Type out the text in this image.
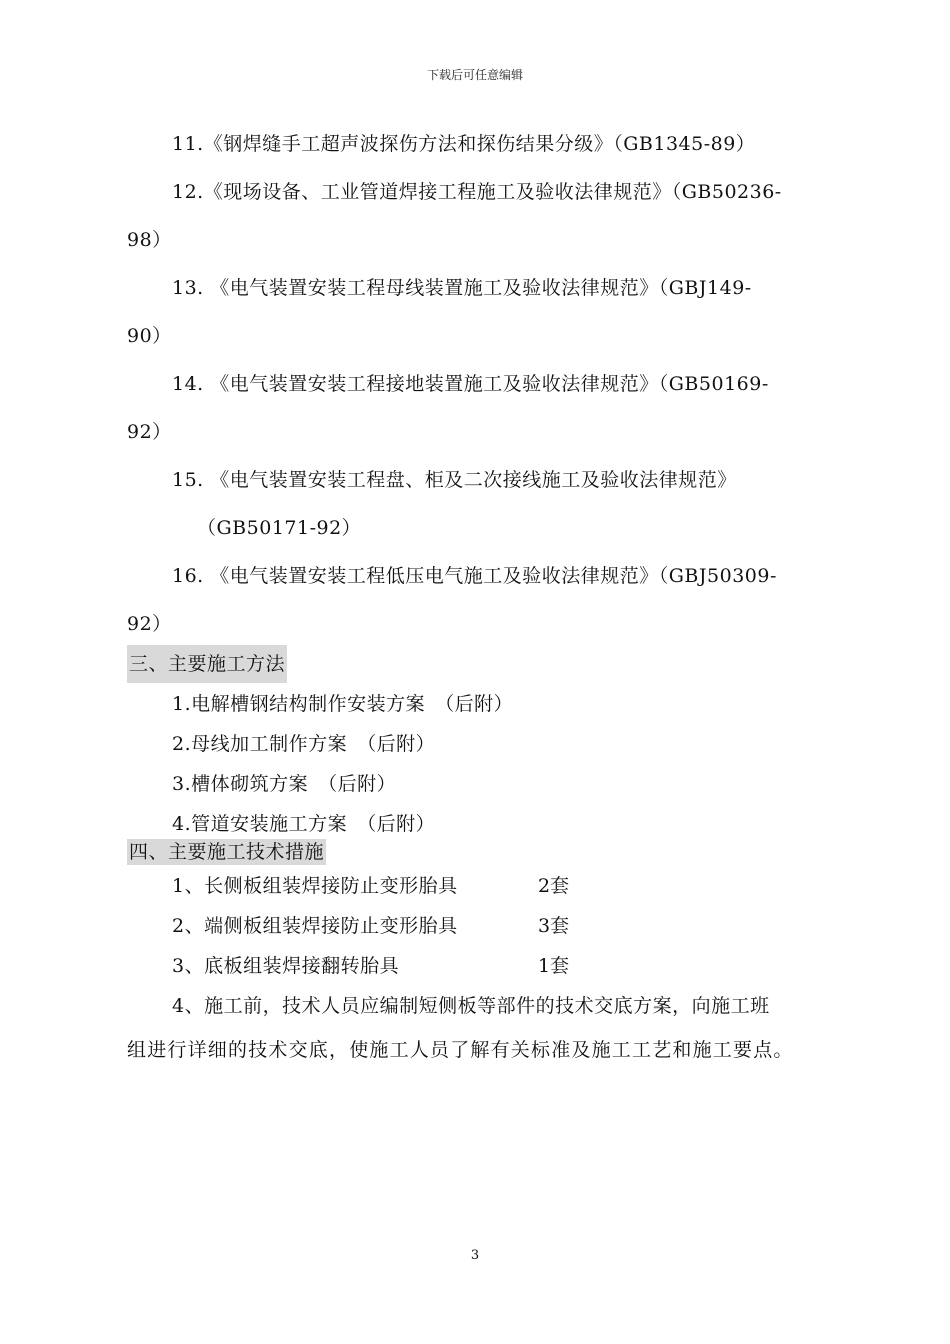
下载后可任意编辑
11.《钢焊缝手工超声波探伤方法和探伤结果分级》（GB1345-89）
12.《现场设备、工业管道焊接工程施工及验收法律规范》（GB50236-
98）
13. 《电气装置安装工程母线装置施工及验收法律规范》（GBJ149-
90）
14. 《电气装置安装工程接地装置施工及验收法律规范》（GB50169-
92）
15. 《电气装置安装工程盘、柜及二次接线施工及验收法律规范》
（GB50171-92）
16. 《电气装置安装工程低压电气施工及验收法律规范》（GBJ50309-
92）
三、主要施工方法
1.电解槽钢结构制作安装方案　（后附）
2.母线加工制作方案　（后附）
3.槽体砌筑方案　（后附）
4.管道安装施工方案　（后附）
四、主要施工技术措施
1、长侧板组装焊接防止变形胎具	2套
2、端侧板组装焊接防止变形胎具	3套
3、底板组装焊接翻转胎具	1套
4、施工前，技术人员应编制短侧板等部件的技术交底方案，向施工班
组进行详细的技术交底，使施工人员了解有关标准及施工工艺和施工要点。
3
